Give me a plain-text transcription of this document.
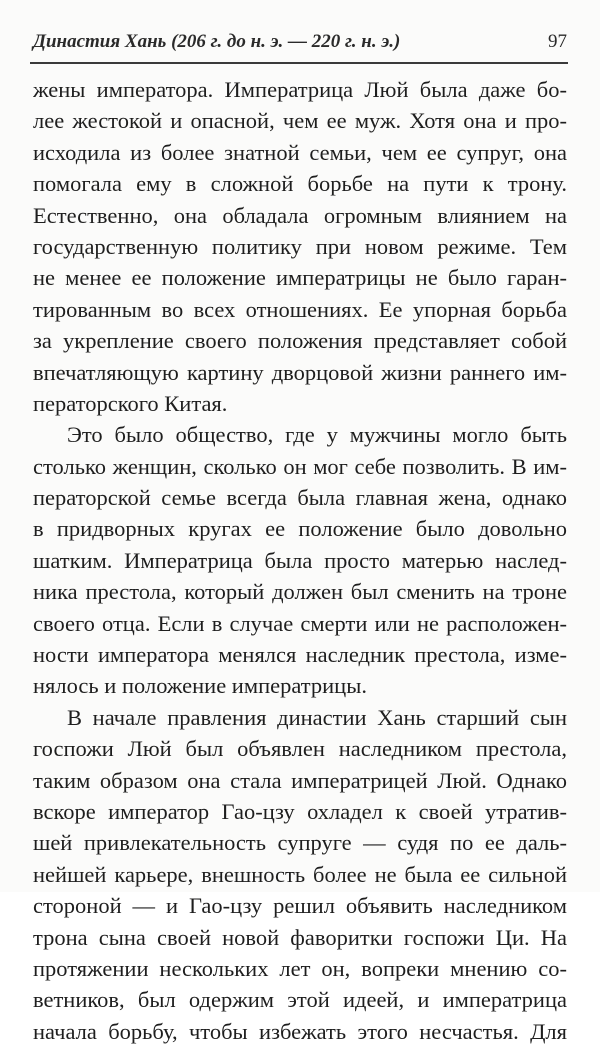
Династия Хань (206 г. до н. э. — 220 г. н. э.)	97
жены императора. Императрица Люй была даже бо-
лее жестокой и опасной, чем ее муж. Хотя она и про-
исходила из более знатной семьи, чем ее супруг, она
помогала ему в сложной борьбе на пути к трону.
Естественно, она обладала огромным влиянием на
государственную политику при новом режиме. Тем
не менее ее положение императрицы не было гаран-
тированным во всех отношениях. Ее упорная борьба
за укрепление своего положения представляет собой
впечатляющую картину дворцовой жизни раннего им-
ператорского Китая.
Это было общество, где у мужчины могло быть
столько женщин, сколько он мог себе позволить. В им-
ператорской семье всегда была главная жена, однако
в придворных кругах ее положение было довольно
шатким. Императрица была просто матерью наслед-
ника престола, который должен был сменить на троне
своего отца. Если в случае смерти или не расположен-
ности императора менялся наследник престола, изме-
нялось и положение императрицы.
В начале правления династии Хань старший сын
госпожи Люй был объявлен наследником престола,
таким образом она стала императрицей Люй. Однако
вскоре император Гао-цзу охладел к своей утратив-
шей привлекательность супруге — судя по ее даль-
нейшей карьере, внешность более не была ее сильной
стороной — и Гао-цзу решил объявить наследником
трона сына своей новой фаворитки госпожи Ци. На
протяжении нескольких лет он, вопреки мнению со-
ветников, был одержим этой идеей, и императрица
начала борьбу, чтобы избежать этого несчастья. Для
